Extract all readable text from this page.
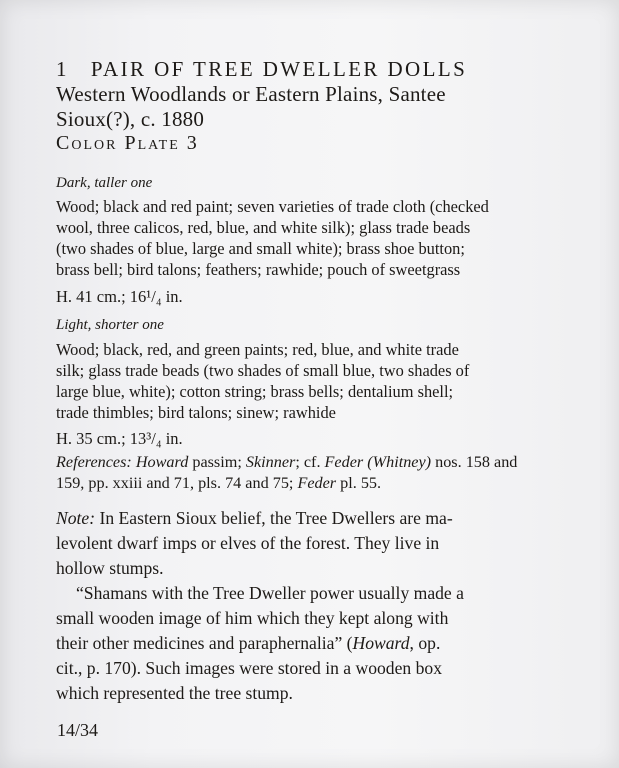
1 PAIR OF TREE DWELLER DOLLS
Western Woodlands or Eastern Plains, Santee
Sioux(?), c. 1880
Color Plate 3
Dark, taller one
Wood; black and red paint; seven varieties of trade cloth (checked
wool, three calicos, red, blue, and white silk); glass trade beads
(two shades of blue, large and small white); brass shoe button;
brass bell; bird talons; feathers; rawhide; pouch of sweetgrass
H. 41 cm.; 16¹/₄ in.
Light, shorter one
Wood; black, red, and green paints; red, blue, and white trade
silk; glass trade beads (two shades of small blue, two shades of
large blue, white); cotton string; brass bells; dentalium shell;
trade thimbles; bird talons; sinew; rawhide
H. 35 cm.; 13³/₄ in.
References: Howard passim; Skinner; cf. Feder (Whitney) nos. 158 and
159, pp. xxiii and 71, pls. 74 and 75; Feder pl. 55.
Note: In Eastern Sioux belief, the Tree Dwellers are ma-
levolent dwarf imps or elves of the forest. They live in
hollow stumps.
“Shamans with the Tree Dweller power usually made a
small wooden image of him which they kept along with
their other medicines and paraphernalia” (Howard, op.
cit., p. 170). Such images were stored in a wooden box
which represented the tree stump.
14/34
